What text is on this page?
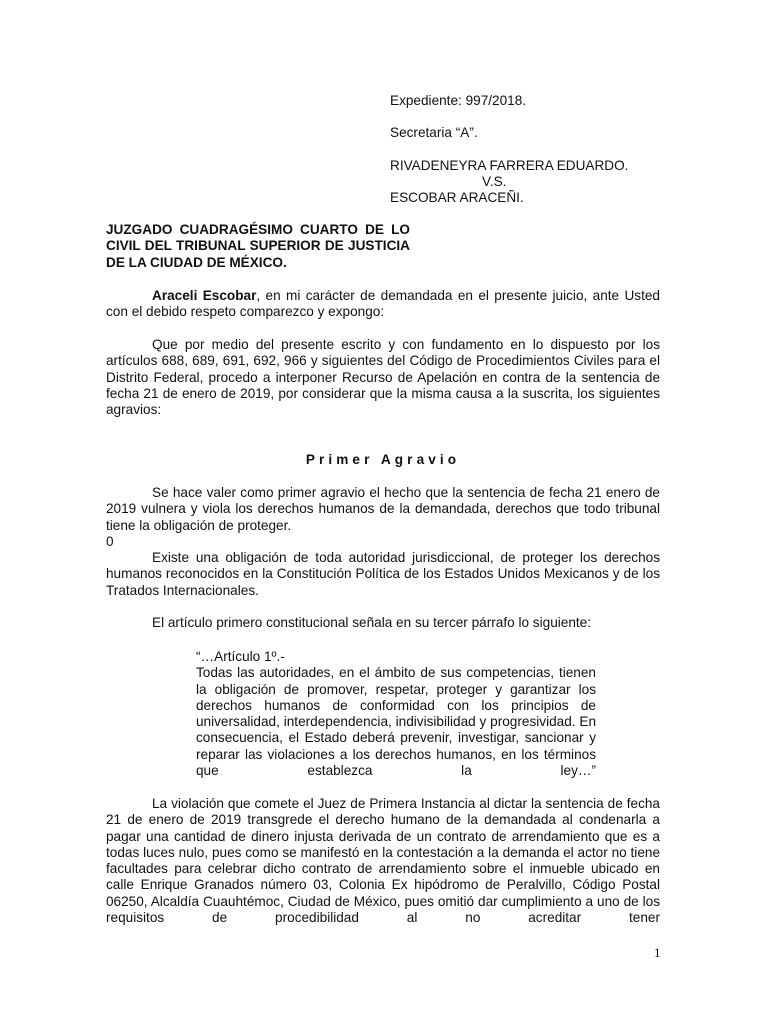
Expediente: 997/2018.

Secretaria “A”.

RIVADENEYRA FARRERA EDUARDO.

V.S.

ESCOBAR ARACEÑI.

JUZGADO CUADRAGÉSIMO CUARTO DE LO CIVIL DEL TRIBUNAL SUPERIOR DE JUSTICIA DE LA CIUDAD DE MÉXICO.

Araceli Escobar, en mi carácter de demandada en el presente juicio, ante Usted con el debido respeto comparezco y expongo:

Que por medio del presente escrito y con fundamento en lo dispuesto por los artículos 688, 689, 691, 692, 966 y siguientes del Código de Procedimientos Civiles para el Distrito Federal, procedo a interponer Recurso de Apelación en contra de la sentencia de fecha 21 de enero de 2019, por considerar que la misma causa a la suscrita, los siguientes agravios:

Primer Agravio

Se hace valer como primer agravio el hecho que la sentencia de fecha 21 enero de 2019 vulnera y viola los derechos humanos de la demandada, derechos que todo tribunal tiene la obligación de proteger.

0

Existe una obligación de toda autoridad jurisdiccional, de proteger los derechos humanos reconocidos en la Constitución Política de los Estados Unidos Mexicanos y de los Tratados Internacionales.

El artículo primero constitucional señala en su tercer párrafo lo siguiente:

“…Artículo 1º.-

Todas las autoridades, en el ámbito de sus competencias, tienen la obligación de promover, respetar, proteger y garantizar los derechos humanos de conformidad con los principios de universalidad, interdependencia, indivisibilidad y progresividad. En consecuencia, el Estado deberá prevenir, investigar, sancionar y reparar las violaciones a los derechos humanos, en los términos que establezca la ley…”

La violación que comete el Juez de Primera Instancia al dictar la sentencia de fecha 21 de enero de 2019 transgrede el derecho humano de la demandada al condenarla a pagar una cantidad de dinero injusta derivada de un contrato de arrendamiento que es a todas luces nulo, pues como se manifestó en la contestación a la demanda el actor no tiene facultades para celebrar dicho contrato de arrendamiento sobre el inmueble ubicado en calle Enrique Granados número 03, Colonia Ex hipódromo de Peralvillo, Código Postal 06250, Alcaldía Cuauhtémoc, Ciudad de México, pues omitió dar cumplimiento a uno de los requisitos de procedibilidad al no acreditar tener

1
